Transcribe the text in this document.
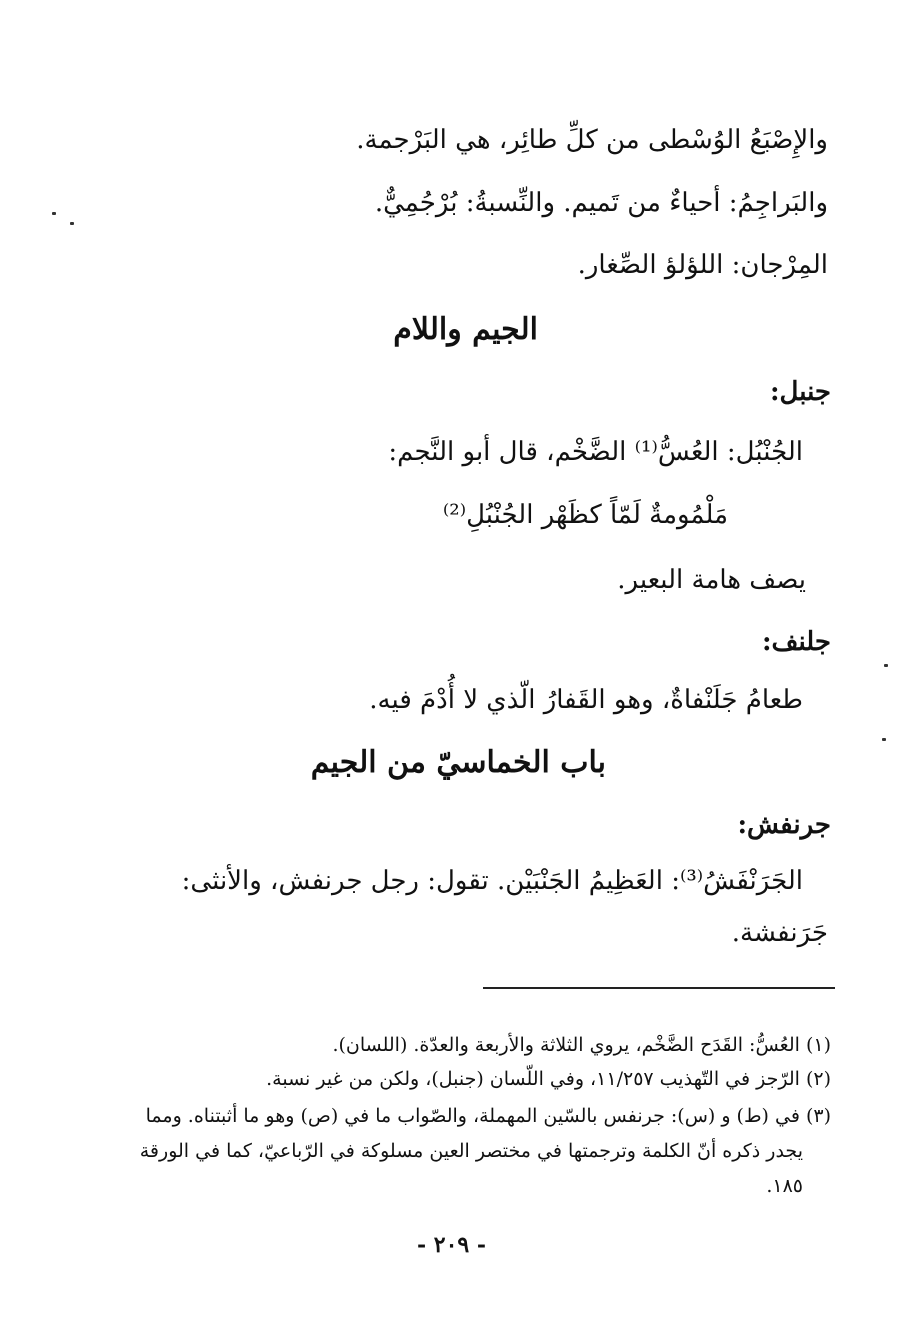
والإِصْبَعُ الوُسْطى من كلِّ طائِر، هي البَرْجمة.
والبَراجِمُ: أحياءٌ من تَميم. والنِّسبةُ: بُرْجُمِيٌّ.
المِرْجان: اللؤلؤ الصِّغار.
الجيم واللام
جنبل:
الجُنْبُل: العُسُّ⁽¹⁾ الضَّخْم، قال أبو النَّجم:
مَلْمُومةٌ لَمّاً كظَهْر الجُنْبُلِ⁽²⁾
يصف هامة البعير.
جلنف:
طعامُ جَلَنْفاةٌ، وهو القَفارُ الّذي لا أُدْمَ فيه.
باب الخماسيّ من الجيم
جرنفش:
الجَرَنْفَشُ⁽³⁾: العَظِيمُ الجَنْبَيْن. تقول: رجل جرنفش، والأنثى:
جَرَنفشة.
(١) العُسُّ: القَدَح الضَّخْم، يروي الثلاثة والأربعة والعدّة. (اللسان).
(٢) الرّجز في التّهذيب ١١/٢٥٧، وفي اللّسان (جنبل)، ولكن من غير نسبة.
(٣) في (ط) و (س): جرنفس بالسّين المهملة، والصّواب ما في (ص) وهو ما أثبتناه. ومما
يجدر ذكره أنّ الكلمة وترجمتها في مختصر العين مسلوكة في الرّباعيّ، كما في الورقة
١٨٥.
- ٢٠٩ -
